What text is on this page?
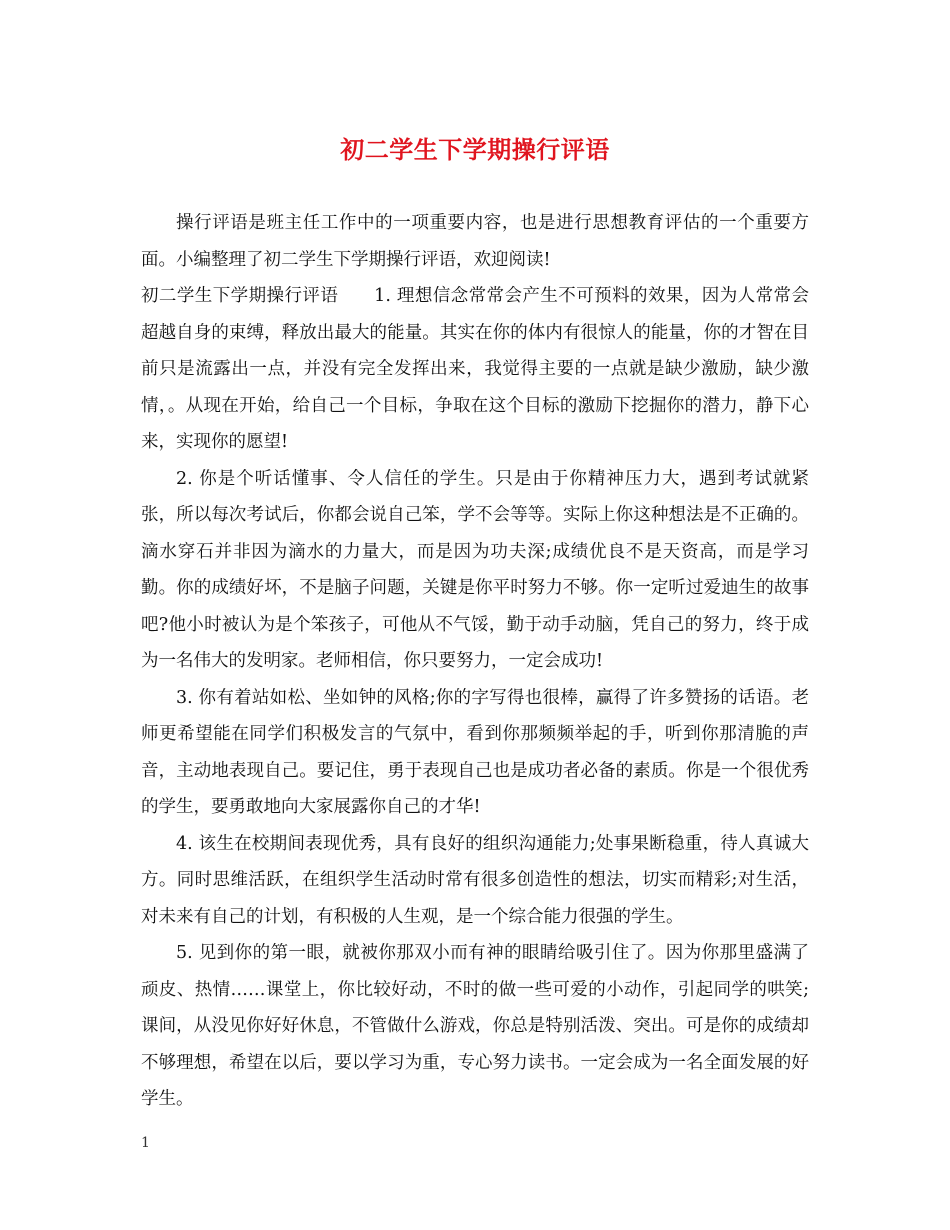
初二学生下学期操行评语

操行评语是班主任工作中的一项重要内容，也是进行思想教育评估的一个重要方面。小编整理了初二学生下学期操行评语，欢迎阅读!

初二学生下学期操行评语　　1. 理想信念常常会产生不可预料的效果，因为人常常会超越自身的束缚，释放出最大的能量。其实在你的体内有很惊人的能量，你的才智在目前只是流露出一点，并没有完全发挥出来，我觉得主要的一点就是缺少激励，缺少激情，。从现在开始，给自己一个目标，争取在这个目标的激励下挖掘你的潜力，静下心来，实现你的愿望!

2. 你是个听话懂事、令人信任的学生。只是由于你精神压力大，遇到考试就紧张，所以每次考试后，你都会说自己笨，学不会等等。实际上你这种想法是不正确的。滴水穿石并非因为滴水的力量大，而是因为功夫深;成绩优良不是天资高，而是学习勤。你的成绩好坏，不是脑子问题，关键是你平时努力不够。你一定听过爱迪生的故事吧?他小时被认为是个笨孩子，可他从不气馁，勤于动手动脑，凭自己的努力，终于成为一名伟大的发明家。老师相信，你只要努力，一定会成功!

3. 你有着站如松、坐如钟的风格;你的字写得也很棒，赢得了许多赞扬的话语。老师更希望能在同学们积极发言的气氛中，看到你那频频举起的手，听到你那清脆的声音，主动地表现自己。要记住，勇于表现自己也是成功者必备的素质。你是一个很优秀的学生，要勇敢地向大家展露你自己的才华!

4. 该生在校期间表现优秀，具有良好的组织沟通能力;处事果断稳重，待人真诚大方。同时思维活跃，在组织学生活动时常有很多创造性的想法，切实而精彩;对生活，对未来有自己的计划，有积极的人生观，是一个综合能力很强的学生。

5. 见到你的第一眼，就被你那双小而有神的眼睛给吸引住了。因为你那里盛满了顽皮、热情……课堂上，你比较好动，不时的做一些可爱的小动作，引起同学的哄笑;课间，从没见你好好休息，不管做什么游戏，你总是特别活泼、突出。可是你的成绩却不够理想，希望在以后，要以学习为重，专心努力读书。一定会成为一名全面发展的好学生。

1
